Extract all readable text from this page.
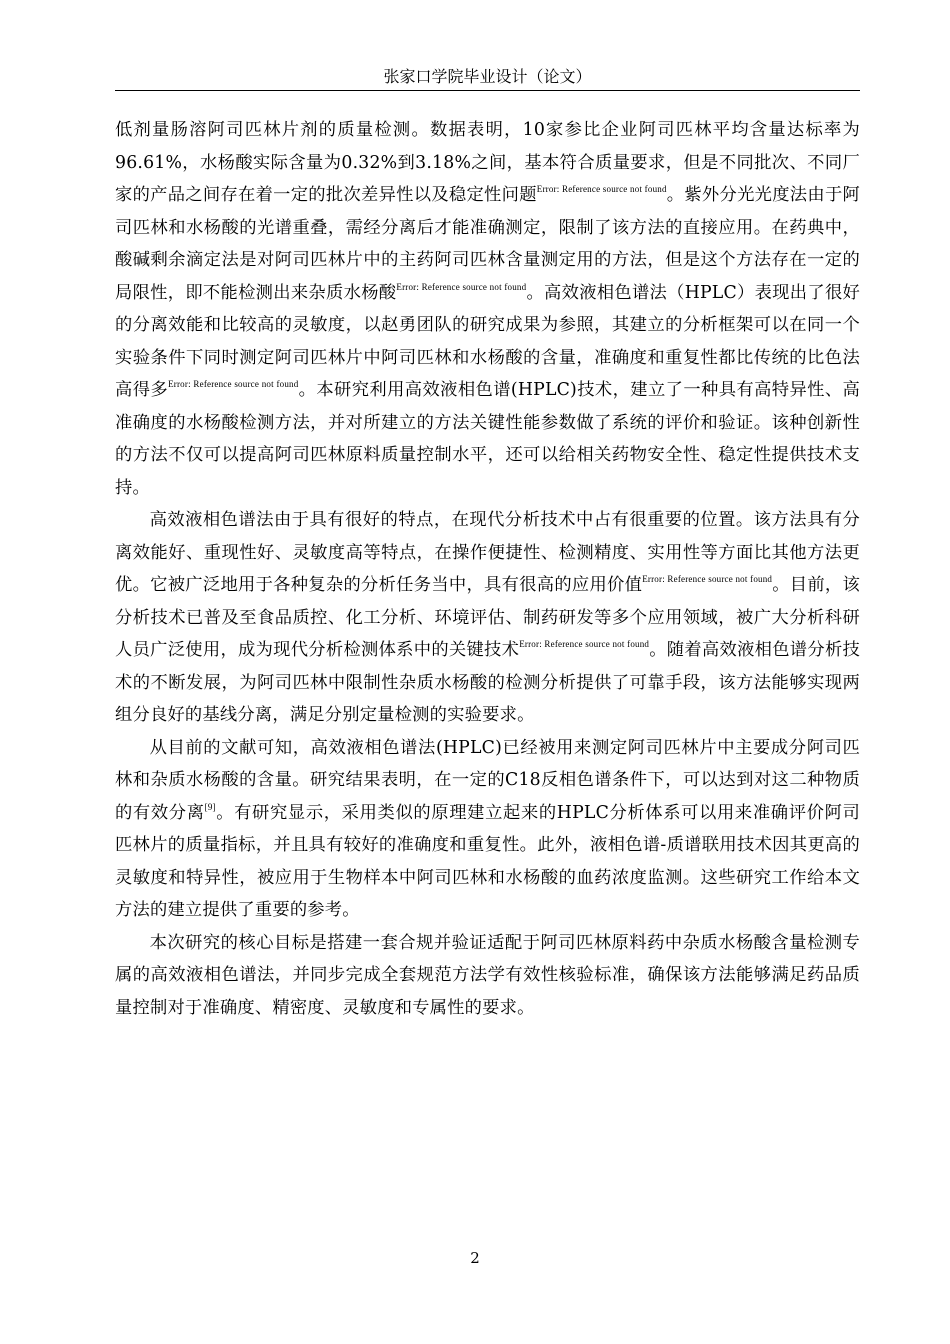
张家口学院毕业设计（论文）

低剂量肠溶阿司匹林片剂的质量检测。数据表明，10家参比企业阿司匹林平均含量达标率为96.61%，水杨酸实际含量为0.32%到3.18%之间，基本符合质量要求，但是不同批次、不同厂家的产品之间存在着一定的批次差异性以及稳定性问题$^{Error: Reference source not found}$。紫外分光光度法由于阿司匹林和水杨酸的光谱重叠，需经分离后才能准确测定，限制了该方法的直接应用。在药典中，酸碱剩余滴定法是对阿司匹林片中的主药阿司匹林含量测定用的方法，但是这个方法存在一定的局限性，即不能检测出来杂质水杨酸$^{Error: Reference source not found}$。高效液相色谱法（HPLC）表现出了很好的分离效能和比较高的灵敏度，以赵勇团队的研究成果为参照，其建立的分析框架可以在同一个实验条件下同时测定阿司匹林片中阿司匹林和水杨酸的含量，准确度和重复性都比传统的比色法高得多$^{Error: Reference source not found}$。本研究利用高效液相色谱(HPLC)技术，建立了一种具有高特异性、高准确度的水杨酸检测方法，并对所建立的方法关键性能参数做了系统的评价和验证。该种创新性的方法不仅可以提高阿司匹林原料质量控制水平，还可以给相关药物安全性、稳定性提供技术支持。

高效液相色谱法由于具有很好的特点，在现代分析技术中占有很重要的位置。该方法具有分离效能好、重现性好、灵敏度高等特点，在操作便捷性、检测精度、实用性等方面比其他方法更优。它被广泛地用于各种复杂的分析任务当中，具有很高的应用价值$^{Error: Reference source not found}$。目前，该分析技术已普及至食品质控、化工分析、环境评估、制药研发等多个应用领域，被广大分析科研人员广泛使用，成为现代分析检测体系中的关键技术$^{Error: Reference source not found}$。随着高效液相色谱分析技术的不断发展，为阿司匹林中限制性杂质水杨酸的检测分析提供了可靠手段，该方法能够实现两组分良好的基线分离，满足分别定量检测的实验要求。

从目前的文献可知，高效液相色谱法(HPLC)已经被用来测定阿司匹林片中主要成分阿司匹林和杂质水杨酸的含量。研究结果表明，在一定的C18反相色谱条件下，可以达到对这二种物质的有效分离[9]。有研究显示，采用类似的原理建立起来的HPLC分析体系可以用来准确评价阿司匹林片的质量指标，并且具有较好的准确度和重复性。此外，液相色谱-质谱联用技术因其更高的灵敏度和特异性，被应用于生物样本中阿司匹林和水杨酸的血药浓度监测。这些研究工作给本文方法的建立提供了重要的参考。

本次研究的核心目标是搭建一套合规并验证适配于阿司匹林原料药中杂质水杨酸含量检测专属的高效液相色谱法，并同步完成全套规范方法学有效性核验标准，确保该方法能够满足药品质量控制对于准确度、精密度、灵敏度和专属性的要求。

2
